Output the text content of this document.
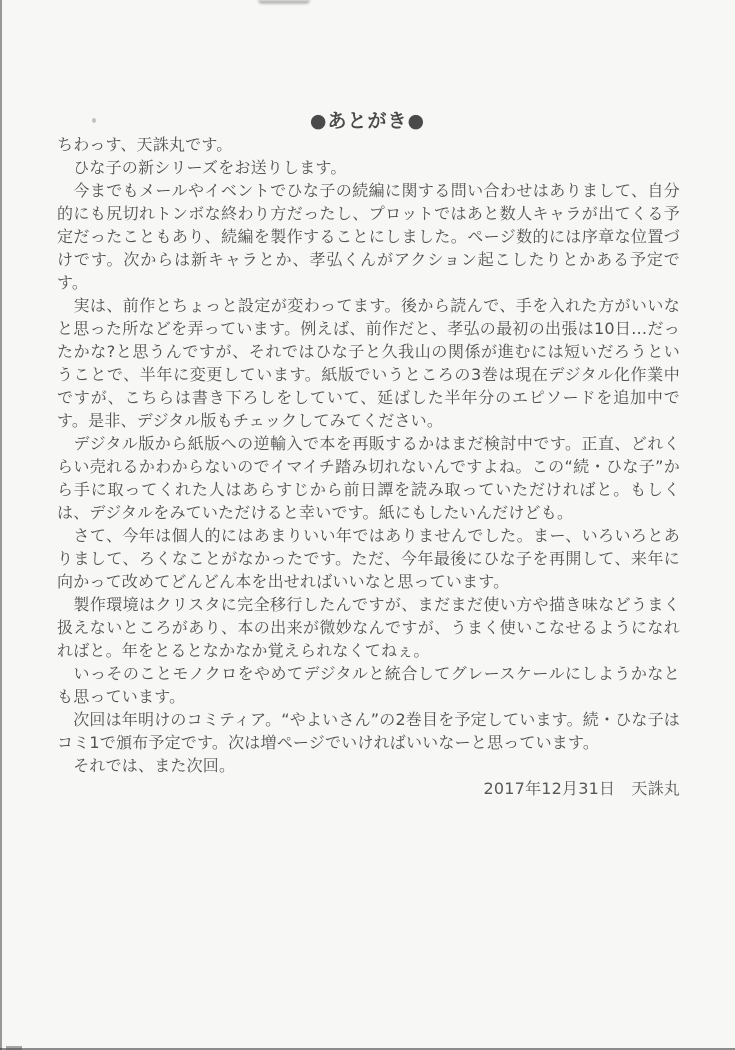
●あとがき●

ちわっす、天誅丸です。

　ひな子の新シリーズをお送りします。

　今までもメールやイベントでひな子の続編に関する問い合わせはありまして、自分的にも尻切れトンボな終わり方だったし、プロットではあと数人キャラが出てくる予定だったこともあり、続編を製作することにしました。ページ数的には序章な位置づけです。次からは新キャラとか、孝弘くんがアクション起こしたりとかある予定です。

　実は、前作とちょっと設定が変わってます。後から読んで、手を入れた方がいいなと思った所などを弄っています。例えば、前作だと、孝弘の最初の出張は10日…だったかな?と思うんですが、それではひな子と久我山の関係が進むには短いだろうということで、半年に変更しています。紙版でいうところの3巻は現在デジタル化作業中ですが、こちらは書き下ろしをしていて、延ばした半年分のエピソードを追加中です。是非、デジタル版もチェックしてみてください。

　デジタル版から紙版への逆輸入で本を再販するかはまだ検討中です。正直、どれくらい売れるかわからないのでイマイチ踏み切れないんですよね。この“続・ひな子”から手に取ってくれた人はあらすじから前日譚を読み取っていただければと。もしくは、デジタルをみていただけると幸いです。紙にもしたいんだけども。

　さて、今年は個人的にはあまりいい年ではありませんでした。まー、いろいろとありまして、ろくなことがなかったです。ただ、今年最後にひな子を再開して、来年に向かって改めてどんどん本を出せればいいなと思っています。

　製作環境はクリスタに完全移行したんですが、まだまだ使い方や描き味などうまく扱えないところがあり、本の出来が微妙なんですが、うまく使いこなせるようになれればと。年をとるとなかなか覚えられなくてねぇ。

　いっそのことモノクロをやめてデジタルと統合してグレースケールにしようかなとも思っています。

　次回は年明けのコミティア。“やよいさん”の2巻目を予定しています。続・ひな子はコミ1で頒布予定です。次は増ページでいければいいなーと思っています。

　それでは、また次回。

2017年12月31日　天誅丸
